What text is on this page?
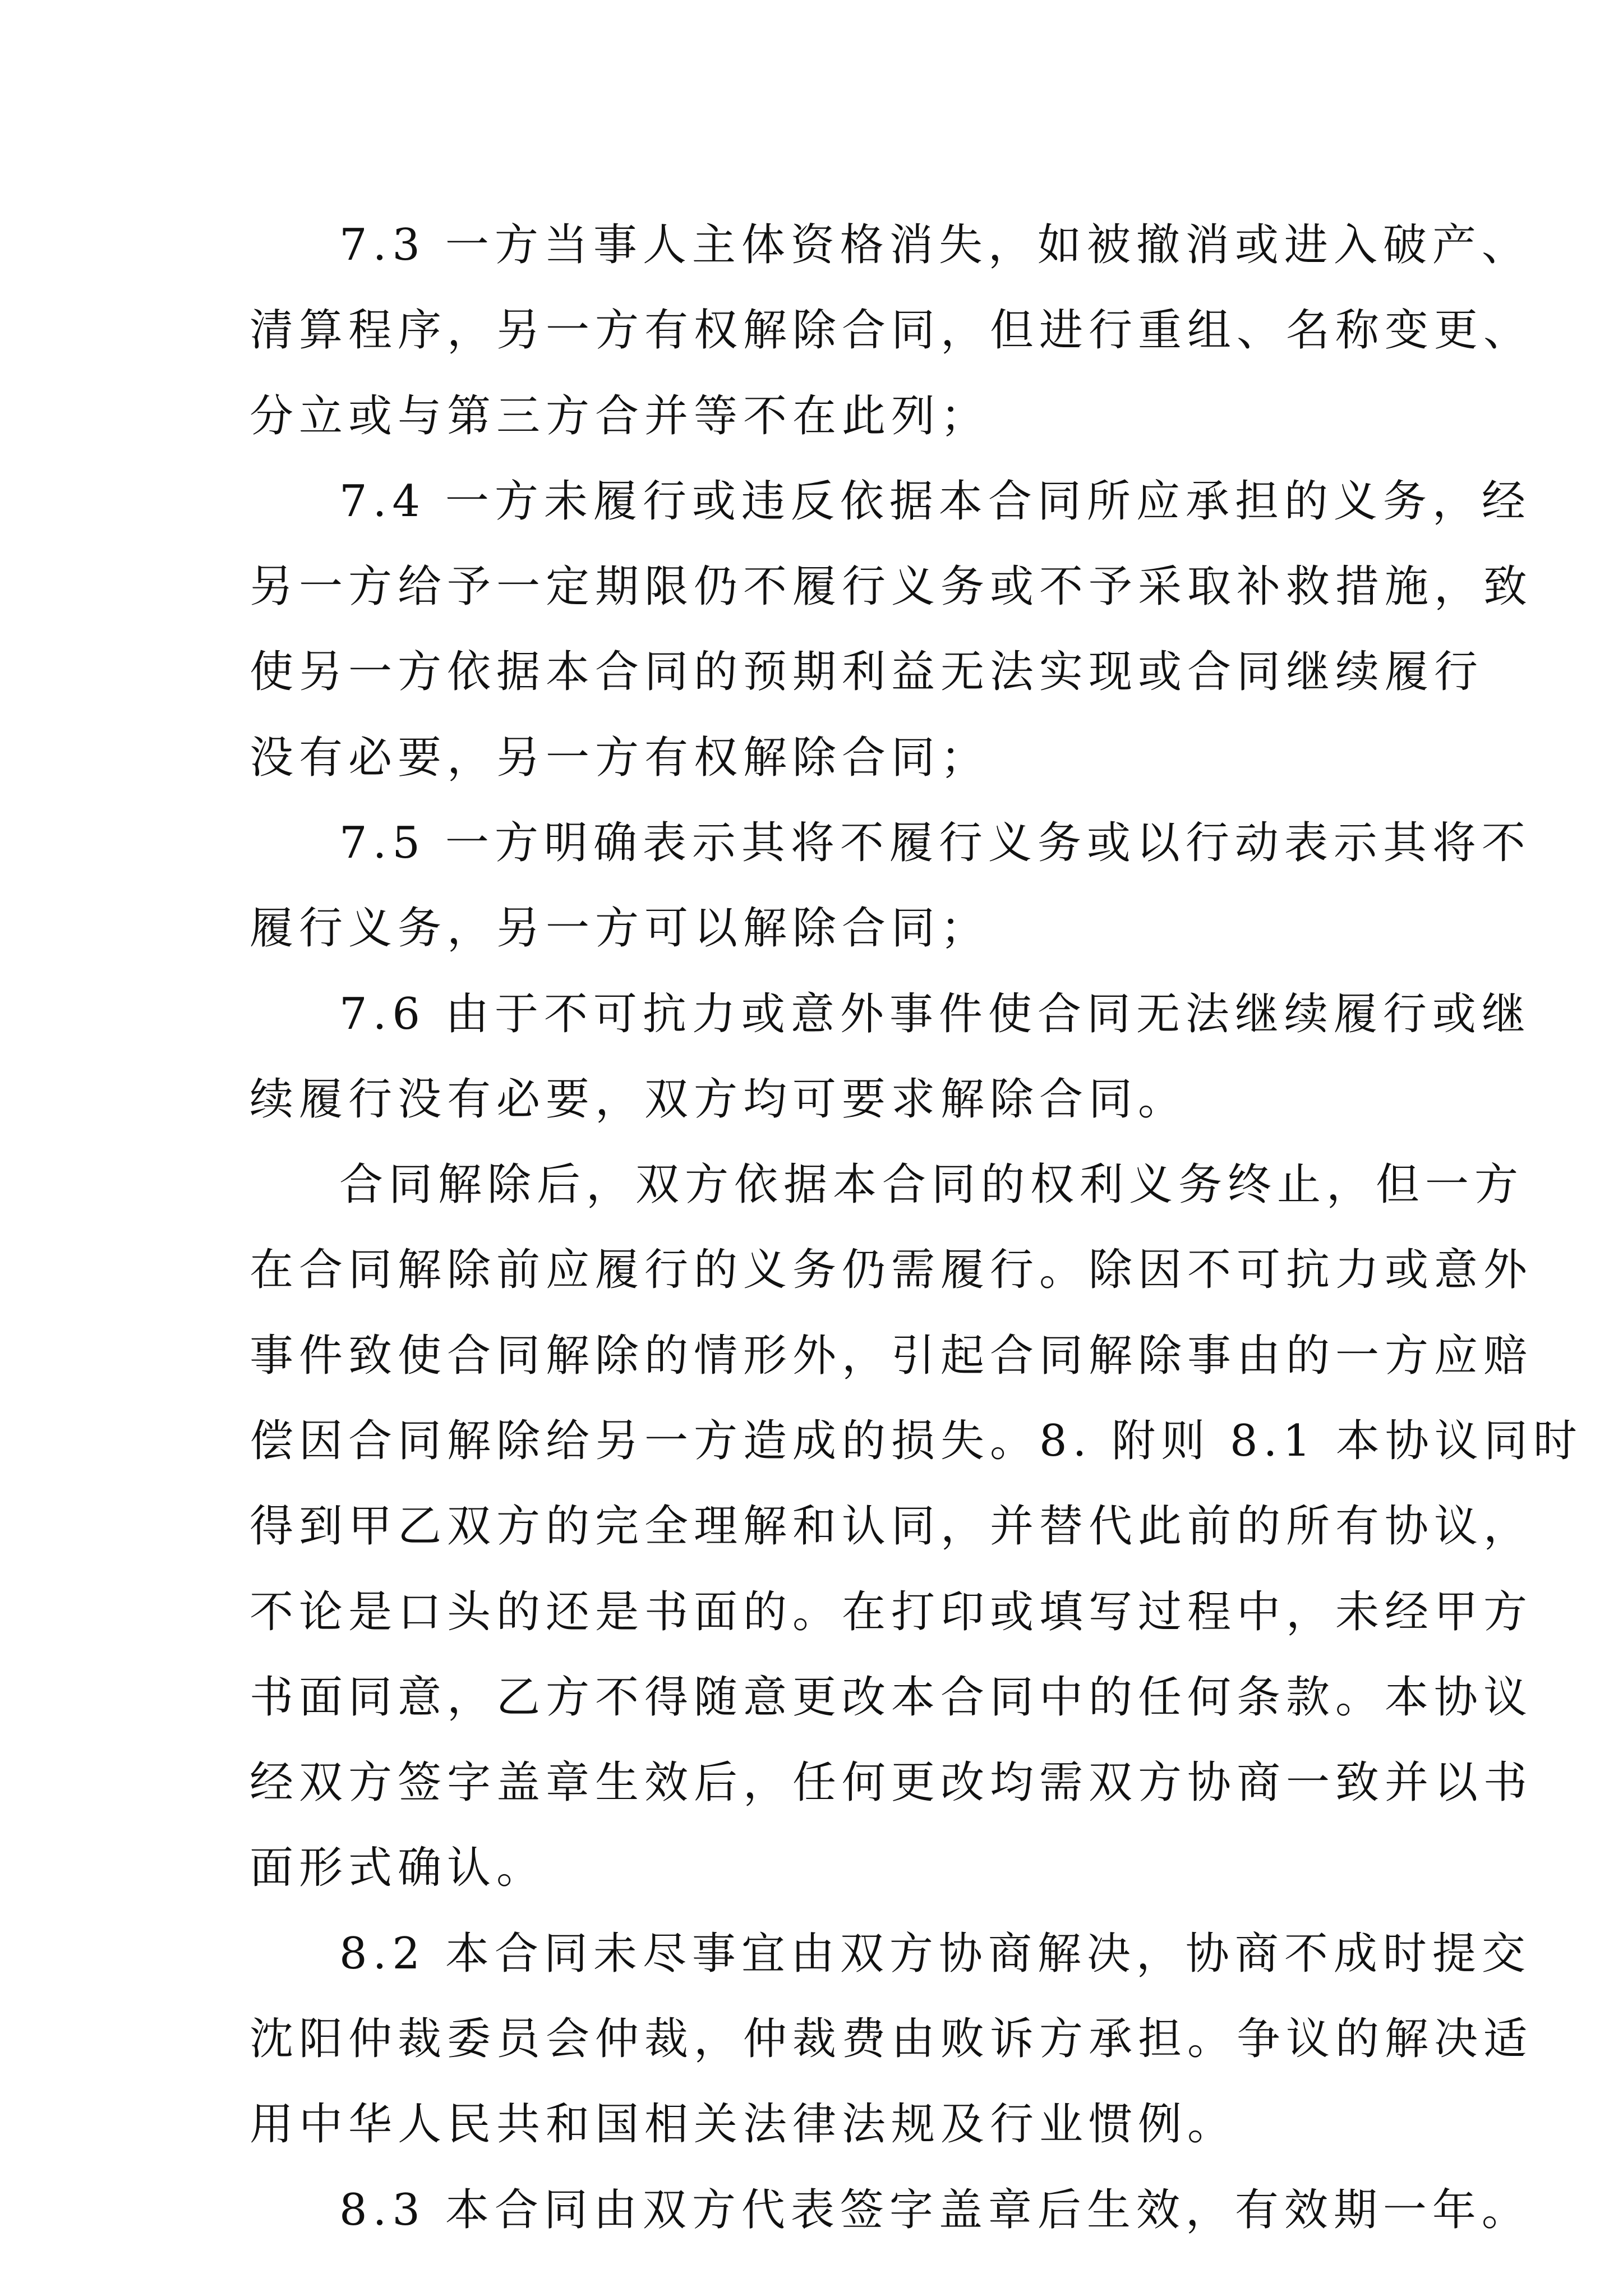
7.3 一方当事人主体资格消失，如被撤消或进入破产、
清算程序，另一方有权解除合同，但进行重组、名称变更、
分立或与第三方合并等不在此列；
7.4 一方未履行或违反依据本合同所应承担的义务，经
另一方给予一定期限仍不履行义务或不予采取补救措施，致
使另一方依据本合同的预期利益无法实现或合同继续履行
没有必要，另一方有权解除合同；
7.5 一方明确表示其将不履行义务或以行动表示其将不
履行义务，另一方可以解除合同；
7.6 由于不可抗力或意外事件使合同无法继续履行或继
续履行没有必要，双方均可要求解除合同。
合同解除后，双方依据本合同的权利义务终止，但一方
在合同解除前应履行的义务仍需履行。除因不可抗力或意外
事件致使合同解除的情形外，引起合同解除事由的一方应赔
偿因合同解除给另一方造成的损失。8. 附则 8.1 本协议同时
得到甲乙双方的完全理解和认同，并替代此前的所有协议，
不论是口头的还是书面的。在打印或填写过程中，未经甲方
书面同意，乙方不得随意更改本合同中的任何条款。本协议
经双方签字盖章生效后，任何更改均需双方协商一致并以书
面形式确认。
8.2 本合同未尽事宜由双方协商解决，协商不成时提交
沈阳仲裁委员会仲裁，仲裁费由败诉方承担。争议的解决适
用中华人民共和国相关法律法规及行业惯例。
8.3 本合同由双方代表签字盖章后生效，有效期一年。
